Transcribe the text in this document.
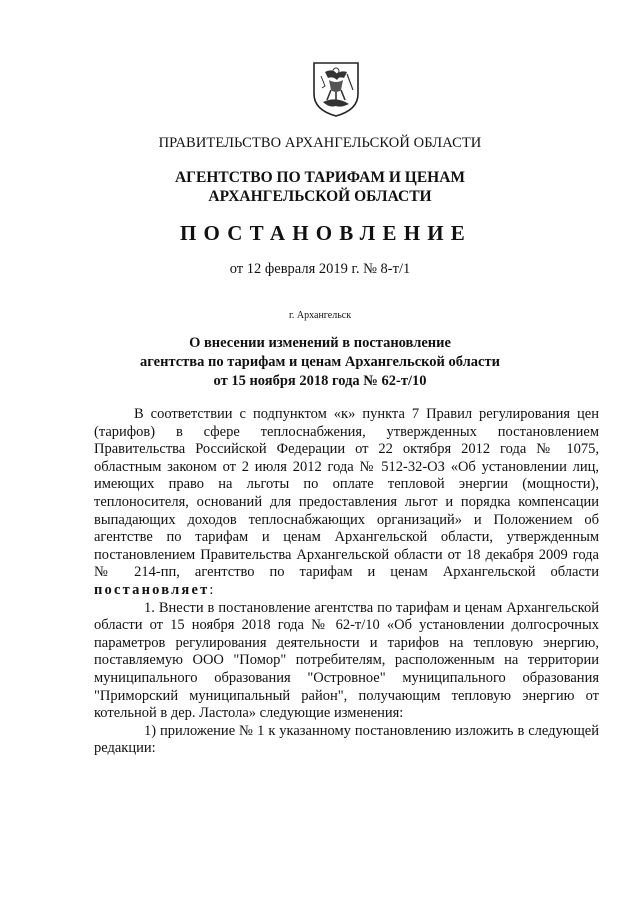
ПРАВИТЕЛЬСТВО АРХАНГЕЛЬСКОЙ ОБЛАСТИ
АГЕНТСТВО ПО ТАРИФАМ И ЦЕНАМ
АРХАНГЕЛЬСКОЙ ОБЛАСТИ
ПОСТАНОВЛЕНИЕ
от 12 февраля 2019 г. № 8-т/1
г. Архангельск
О внесении изменений в постановление
агентства по тарифам и ценам Архангельской области
от 15 ноября 2018 года № 62-т/10

В соответствии с подпунктом «к» пункта 7 Правил регулирования цен (тарифов) в сфере теплоснабжения, утвержденных постановлением Правительства Российской Федерации от 22 октября 2012 года № 1075, областным законом от 2 июля 2012 года № 512-32-ОЗ «Об установлении лиц, имеющих право на льготы по оплате тепловой энергии (мощности), теплоносителя, оснований для предоставления льгот и порядка компенсации выпадающих доходов теплоснабжающих организаций» и Положением об агентстве по тарифам и ценам Архангельской области, утвержденным постановлением Правительства Архангельской области от 18 декабря 2009 года № 214-пп, агентство по тарифам и ценам Архангельской области постановляет:

1. Внести в постановление агентства по тарифам и ценам Архангельской области от 15 ноября 2018 года № 62-т/10 «Об установлении долгосрочных параметров регулирования деятельности и тарифов на тепловую энергию, поставляемую ООО "Помор" потребителям, расположенным на территории муниципального образования "Островное" муниципального образования "Приморский муниципальный район", получающим тепловую энергию от котельной в дер. Ластола» следующие изменения:

1) приложение № 1 к указанному постановлению изложить в следующей редакции:
